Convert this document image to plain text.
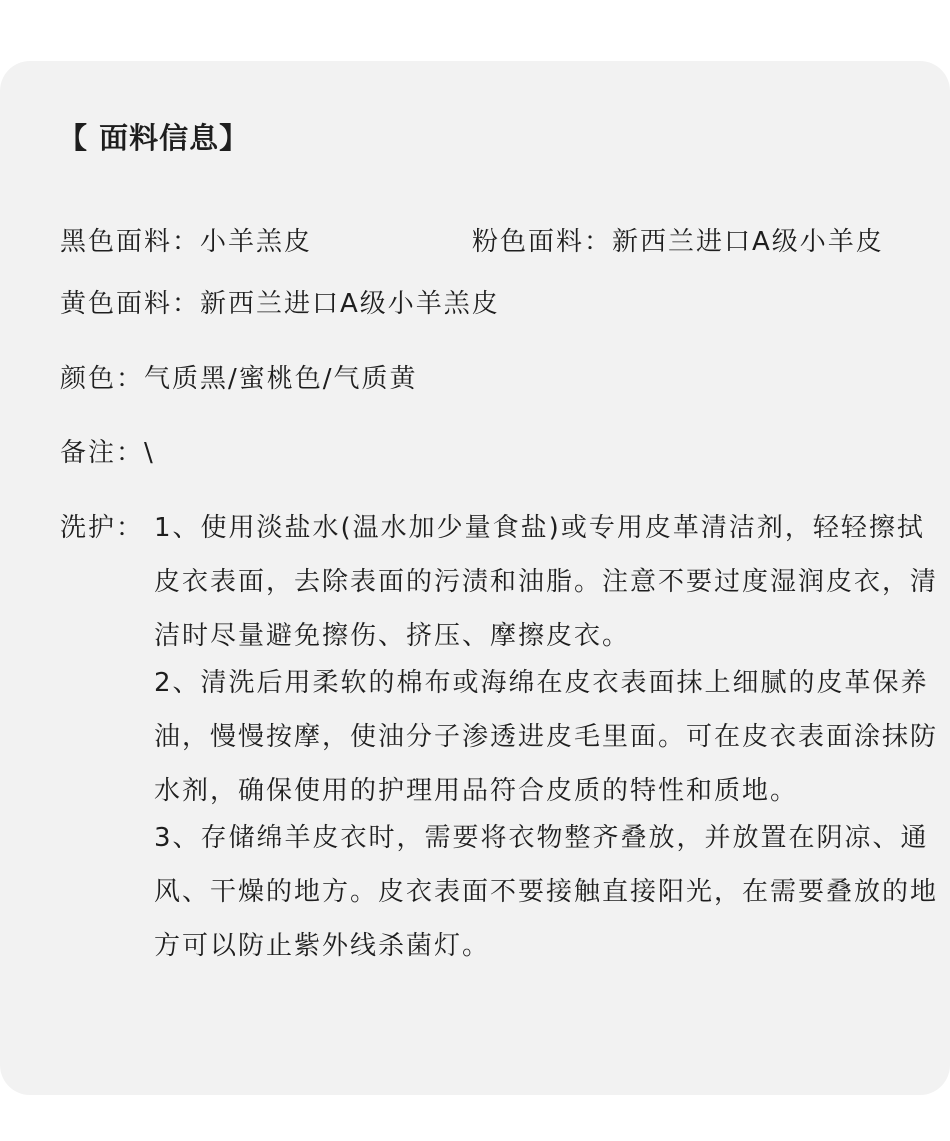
【 面料信息】
黑色面料：小羊羔皮	粉色面料：新西兰进口A级小羊皮
黄色面料：新西兰进口A级小羊羔皮
颜色：气质黑/蜜桃色/气质黄
备注：\
洗护： 1、使用淡盐水(温水加少量食盐)或专用皮革清洁剂，轻轻擦拭皮衣表面，去除表面的污渍和油脂。注意不要过度湿润皮衣，清洁时尽量避免擦伤、挤压、摩擦皮衣。
2、清洗后用柔软的棉布或海绵在皮衣表面抹上细腻的皮革保养油，慢慢按摩，使油分子渗透进皮毛里面。可在皮衣表面涂抹防水剂，确保使用的护理用品符合皮质的特性和质地。
3、存储绵羊皮衣时，需要将衣物整齐叠放，并放置在阴凉、通风、干燥的地方。皮衣表面不要接触直接阳光，在需要叠放的地方可以防止紫外线杀菌灯。
